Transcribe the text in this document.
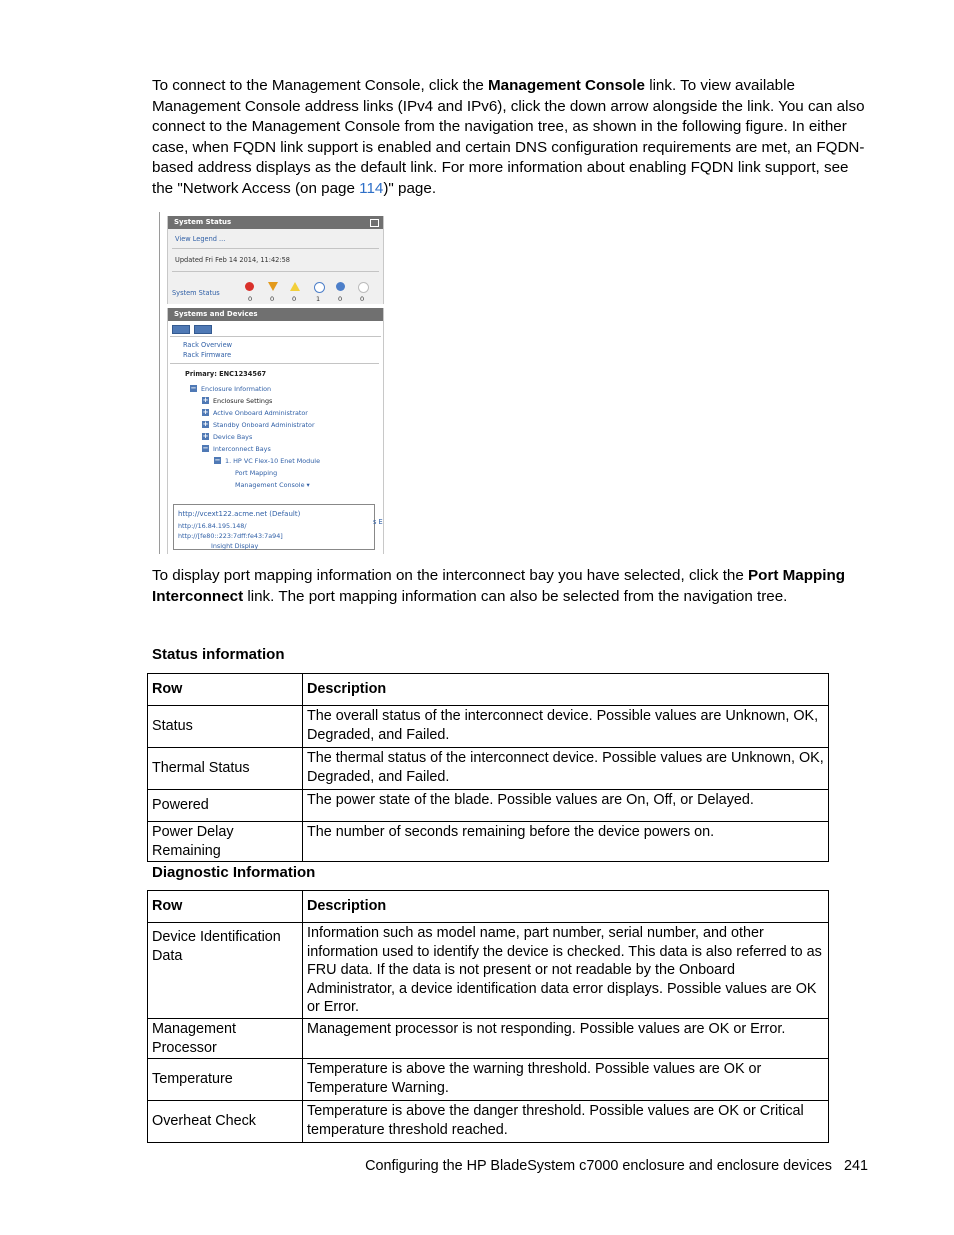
To connect to the Management Console, click the Management Console link. To view available Management Console address links (IPv4 and IPv6), click the down arrow alongside the link. You can also connect to the Management Console from the navigation tree, as shown in the following figure. In either case, when FQDN link support is enabled and certain DNS configuration requirements are met, an FQDN-based address displays as the default link. For more information about enabling FQDN link support, see the "Network Access (on page 114)" page.
System Status
View Legend ...
Updated Fri Feb 14 2014, 11:42:58
System Status
0	0	0	1	0	0
Systems and Devices
Rack Overview
Rack Firmware
Primary: ENC1234567
− Enclosure Information
+ Enclosure Settings
+ Active Onboard Administrator
+ Standby Onboard Administrator
+ Device Bays
− Interconnect Bays
− 1. HP VC Flex-10 Enet Module
Port Mapping
Management Console ▾
http://vcext122.acme.net (Default)
http://16.84.195.148/
http://[fe80::223:7dff:fe43:7a94]
s E
Insight Display
To display port mapping information on the interconnect bay you have selected, click the Port Mapping Interconnect link. The port mapping information can also be selected from the navigation tree.
Status information
Row	Description
Status	The overall status of the interconnect device. Possible values are Unknown, OK, Degraded, and Failed.
Thermal Status	The thermal status of the interconnect device. Possible values are Unknown, OK, Degraded, and Failed.
Powered	The power state of the blade. Possible values are On, Off, or Delayed.
Power Delay Remaining	The number of seconds remaining before the device powers on.
Diagnostic Information
Row	Description
Device Identification Data	Information such as model name, part number, serial number, and other information used to identify the device is checked. This data is also referred to as FRU data. If the data is not present or not readable by the Onboard Administrator, a device identification data error displays. Possible values are OK or Error.
Management Processor	Management processor is not responding. Possible values are OK or Error.
Temperature	Temperature is above the warning threshold. Possible values are OK or Temperature Warning.
Overheat Check	Temperature is above the danger threshold. Possible values are OK or Critical temperature threshold reached.
Configuring the HP BladeSystem c7000 enclosure and enclosure devices 241
